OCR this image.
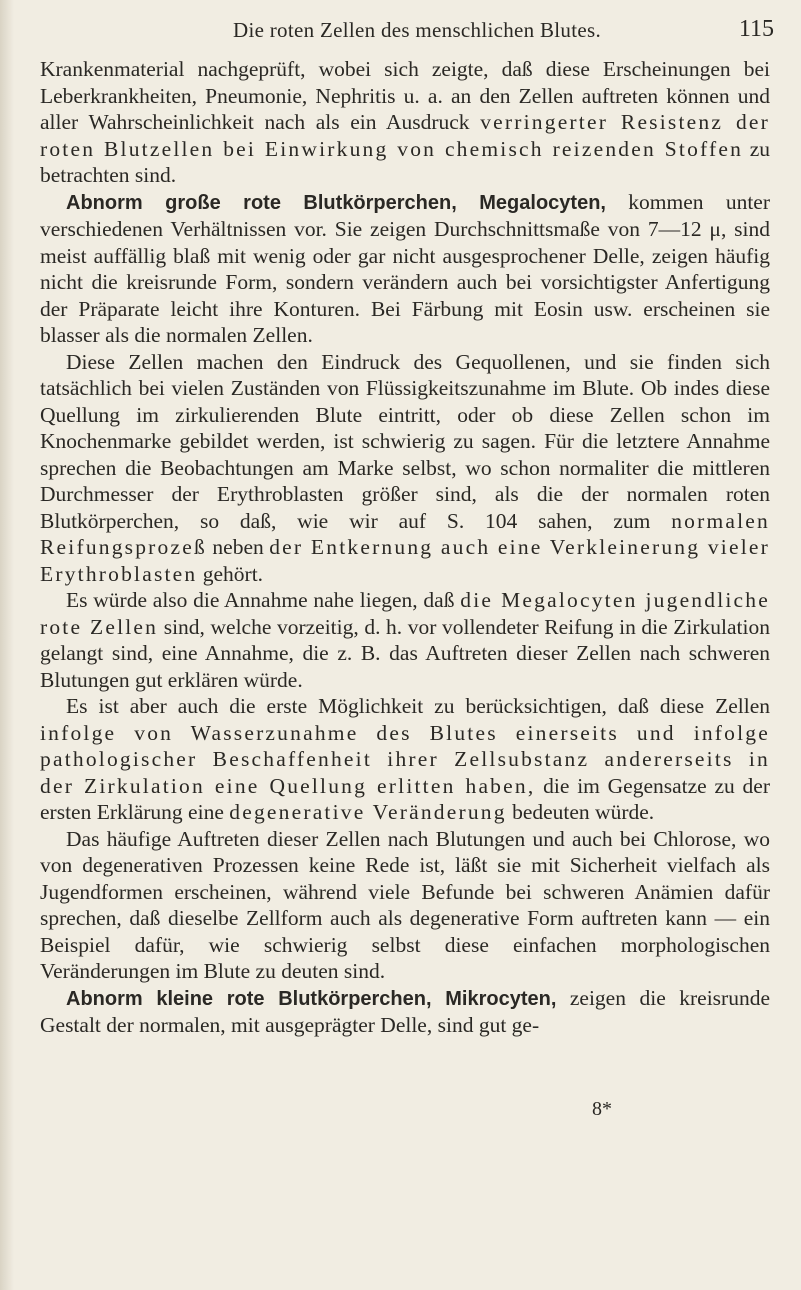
Die roten Zellen des menschlichen Blutes.	115

Krankenmaterial nachgeprüft, wobei sich zeigte, daß diese Erscheinungen bei Leberkrankheiten, Pneumonie, Nephritis u. a. an den Zellen auftreten können und aller Wahrscheinlichkeit nach als ein Ausdruck verringerter Resistenz der roten Blutzellen bei Einwirkung von chemisch reizenden Stoffen zu betrachten sind.

Abnorm große rote Blutkörperchen, Megalocyten, kommen unter verschiedenen Verhältnissen vor. Sie zeigen Durchschnittsmaße von 7—12 μ, sind meist auffällig blaß mit wenig oder gar nicht ausgesprochener Delle, zeigen häufig nicht die kreisrunde Form, sondern verändern auch bei vorsichtigster Anfertigung der Präparate leicht ihre Konturen. Bei Färbung mit Eosin usw. erscheinen sie blasser als die normalen Zellen.

Diese Zellen machen den Eindruck des Gequollenen, und sie finden sich tatsächlich bei vielen Zuständen von Flüssigkeitszunahme im Blute. Ob indes diese Quellung im zirkulierenden Blute eintritt, oder ob diese Zellen schon im Knochenmarke gebildet werden, ist schwierig zu sagen. Für die letztere Annahme sprechen die Beobachtungen am Marke selbst, wo schon normaliter die mittleren Durchmesser der Erythroblasten größer sind, als die der normalen roten Blutkörperchen, so daß, wie wir auf S. 104 sahen, zum normalen Reifungsprozeß neben der Entkernung auch eine Verkleinerung vieler Erythroblasten gehört.

Es würde also die Annahme nahe liegen, daß die Megalocyten jugendliche rote Zellen sind, welche vorzeitig, d. h. vor vollendeter Reifung in die Zirkulation gelangt sind, eine Annahme, die z. B. das Auftreten dieser Zellen nach schweren Blutungen gut erklären würde.

Es ist aber auch die erste Möglichkeit zu berücksichtigen, daß diese Zellen infolge von Wasserzunahme des Blutes einerseits und infolge pathologischer Beschaffenheit ihrer Zellsubstanz andererseits in der Zirkulation eine Quellung erlitten haben, die im Gegensatze zu der ersten Erklärung eine degenerative Veränderung bedeuten würde.

Das häufige Auftreten dieser Zellen nach Blutungen und auch bei Chlorose, wo von degenerativen Prozessen keine Rede ist, läßt sie mit Sicherheit vielfach als Jugendformen erscheinen, während viele Befunde bei schweren Anämien dafür sprechen, daß dieselbe Zellform auch als degenerative Form auftreten kann — ein Beispiel dafür, wie schwierig selbst diese einfachen morphologischen Veränderungen im Blute zu deuten sind.

Abnorm kleine rote Blutkörperchen, Mikrocyten, zeigen die kreisrunde Gestalt der normalen, mit ausgeprägter Delle, sind gut ge-

8*
